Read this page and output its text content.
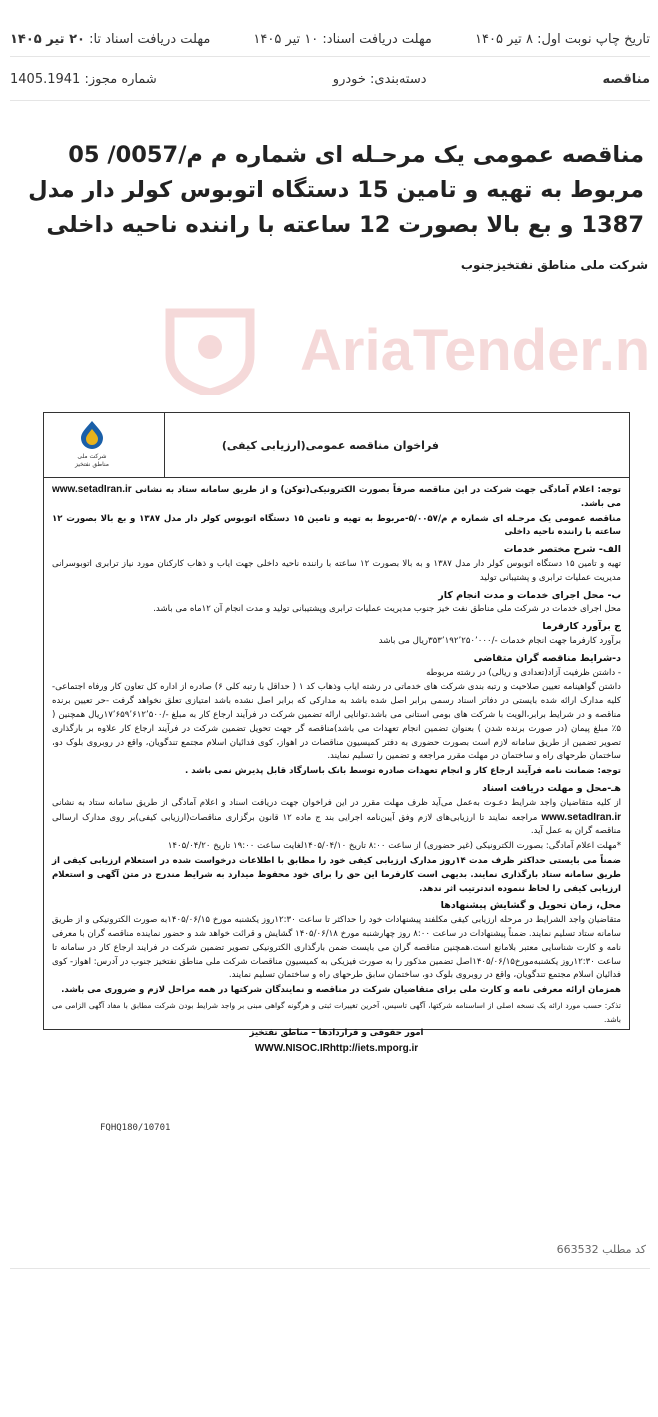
تاریخ چاپ نوبت اول: ۸ تیر ۱۴۰۵
مهلت دریافت اسناد: ۱۰ تیر ۱۴۰۵
مهلت دریافت اسناد تا: ۲۰ تیر ۱۴۰۵
مناقصه
دسته‌بندی: خودرو
شماره مجوز: 1405.1941
مناقصه عمومی یک مرحـله ای شماره م م/0057/ 05 مربوط به تهیه و تامین 15 دستگاه اتوبوس کولر دار مدل 1387 و بع بالا بصورت 12 ساعته با راننده ناحیه داخلی
شرکت ملی مناطق نفتخیزجنوب
AriaTender.n
فراخوان مناقصه عمومی(ارزیابی کیفی)
شرکت ملی
مناطق نفتخیز

توجه: اعلام آمادگی جهت شرکت در این مناقصه صرفاً بصورت الکترونیکی(توکن) و از طریق سامانه ستاد به نشانی www.setadIran.ir می باشد.

مناقصه عمومی یک مرحـله ای شماره م م/۵/۰۰۵۷-مربوط به تهیه و تامین ۱۵ دستگاه اتوبوس کولر دار مدل ۱۳۸۷ و بع بالا بصورت ۱۲ ساعته با راننده ناحیه داخلی

الف- شرح مختصر خدمات

تهیه و تامین ۱۵ دستگاه اتوبوس کولر دار مدل ۱۳۸۷ و به بالا بصورت ۱۲ ساعته با راننده ناحیه داخلی جهت ایاب و ذهاب کارکنان مورد نیاز ترابری اتوبوسرانی مدیریت عملیات ترابری و پشتیبانی تولید

ب- محل اجرای خدمات و مدت انجام کار

محل اجرای خدمات در شرکت ملی مناطق نفت خیز جنوب مدیریت عملیات ترابری وپشتیبانی تولید و مدت انجام آن ۱۲ماه می باشد.

ج برآورد کارفرما

برآورد کارفرما جهت انجام خدمات -/۳۵۳٬۱۹۲٬۲۵۰٬۰۰۰ریال می باشد

د-شرایط مناقصه گران متقاضی

- داشتن ظرفیت آزاد(تعدادی و ریالی) در رشته مربوطه

داشتن گواهینامه تعیین صلاحیت و رتبه بندی شرکت های خدماتی در رشته ایاب وذهاب کد ۱ ( حداقل با رتبه کلی ۶) صادره از اداره کل تعاون کار ورفاه اجتماعی-کلیه مدارک ارائه شده بایستی در دفاتر اسناد رسمی برابر اصل شده باشد به مدارکی که برابر اصل نشده باشد امتیازی تعلق نخواهد گرفت -حر تعیین برنده مناقصه و در شرایط برابر،الویت با شرکت های بومی استانی می باشد.توانایی ارائه تضمین شرکت در فرآیند ارجاع کار به مبلغ -/۱۷٬۶۵۹٬۶۱۲٬۵۰۰ریال همچنین ( ۵٪ مبلغ پیمان (در صورت برنده شدن ) بعنوان تضمین انجام تعهدات می باشد)مناقصه گر جهت تحویل تضمین شرکت در فرآیند ارجاع کار علاوه بر بارگذاری تصویر تضمین از طریق سامانه لازم است بصورت حضوری به دفتر کمیسیون مناقصات در اهواز، کوی فدائیان اسلام مجتمع تندگویان، واقع در روبروی بلوک دو، ساختمان طرحهای راه و ساختمان در مهلت مقرر مراجعه و تضمین را تسلیم نمایند.

توجه: ضمانت نامه فرآیند ارجاع کار و انجام تعهدات صادره توسط بانک باسارگاد قابل پذیرش نمی باشد .

هـ-محل و مهلت دریافت اسناد

از کلیه متقاضیان واجد شرایط دعـوت به‌عمل می‌آید ظرف مهلت مقرر در این فراخوان جهت دریافت اسناد و اعلام آمادگی از طریق سامانه ستاد به نشانی www.setadIran.ir مراجعه نمایند تا ارزیابی‌های لازم وفق آیین‌نامه اجرایی بند ج ماده ۱۲ قانون برگزاری مناقصات(ارزیابی کیفی)بر روی مدارک ارسالی مناقصه گران به عمل آید.

*مهلت اعلام آمادگی: بصورت الکترونیکی (غیر حضوری) از ساعت ۸:۰۰ تاریخ ۱۴۰۵/۰۴/۱۰لغایت ساعت ۱۹:۰۰ تاریخ ۱۴۰۵/۰۴/۲۰

ضمناً می بایستی حداکثر ظرف مدت ۱۴روز مدارک ارزیابی کیفی خود را مطابق با اطلاعات درخواست شده در استعلام ارزیابی کیفی از طریق سامانه ستاد بارگذاری نمایند. بدیهی است کارفرما این حق را برای خود محفوظ میدارد به شرایط مندرج در متن آگهی و استعلام ارزیابی کیفی را لحاظ ننموده اندترتیب اثر ندهد.

محل، زمان تحویل و گشایش پیشنهادها

متقاضیان واجد الشرایط در مرحله ارزیابی کیفی مکلفند پیشنهادات خود را حداکثر تا ساعت ۱۲:۳۰روز یکشنبه مورخ ۱۴۰۵/۰۶/۱۵به صورت الکترونیکی و از طریق سامانه ستاد تسلیم نمایند. ضمناً پیشنهادات در ساعت ۸:۰۰ روز چهارشنبه مورخ ۱۴۰۵/۰۶/۱۸ گشایش و قرائت خواهد شد و حضور نماینده مناقصه گران با معرفی نامه و کارت شناسایی معتبر بلامانع است.همچنین مناقصه گران می بایست ضمن بارگذاری الکترونیکی تصویر تضمین شرکت در فرایند ارجاع کار در سامانه تا ساعت ۱۲:۳۰روز یکشنبه‌مورخ۱۴۰۵/۰۶/۱۵اصل تضمین مذکور را به صورت فیزیکی به کمیسیون مناقصات شرکت ملی مناطق نفتخیز جنوب در آدرس: اهواز- کوی فدائیان اسلام مجتمع تندگویان، واقع در روبروی بلوک دو، ساختمان سابق طرحهای راه و ساختمان تسلیم نمایند.

همزمان ارائه معرفی نامه و کارت ملی برای متقاضیان شرکت در مناقصه و نمایندگان شرکتها در همه مراحل لازم و ضروری می باشد.

تذکر: حسب مورد ارائه یک نسخه اصلی از اساسنامه شرکتها، آگهی تاسیس، آخرین تغییرات ثبتی و هرگونه گواهی مبنی بر واجد شرایط بودن شرکت مطابق با مفاد آگهی الزامی می باشد.

امور حقوقی و قراردادها – مناطق نفتخیز

WWW.NISOC.IRhttp://iets.mporg.ir

FQHQ180/10701
کد مطلب 663532
